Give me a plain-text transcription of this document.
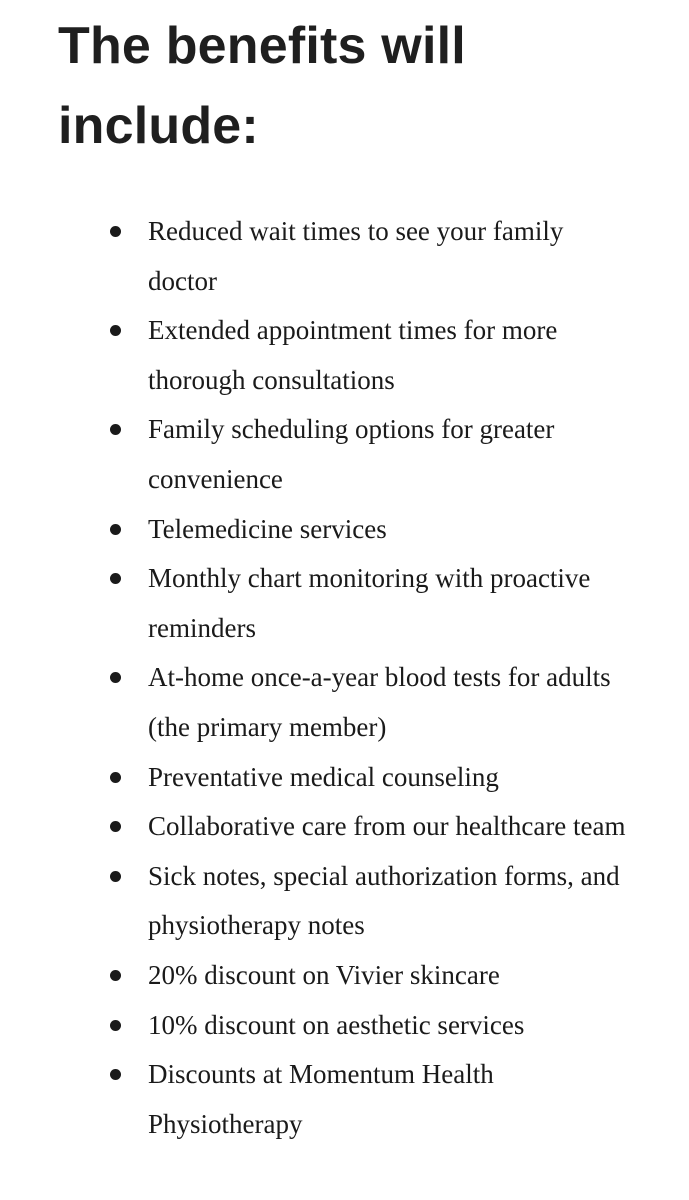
The benefits will
include:
Reduced wait times to see your family doctor
Extended appointment times for more thorough consultations
Family scheduling options for greater convenience
Telemedicine services
Monthly chart monitoring with proactive reminders
At-home once-a-year blood tests for adults (the primary member)
Preventative medical counseling
Collaborative care from our healthcare team
Sick notes, special authorization forms, and physiotherapy notes
20% discount on Vivier skincare
10% discount on aesthetic services
Discounts at Momentum Health Physiotherapy
